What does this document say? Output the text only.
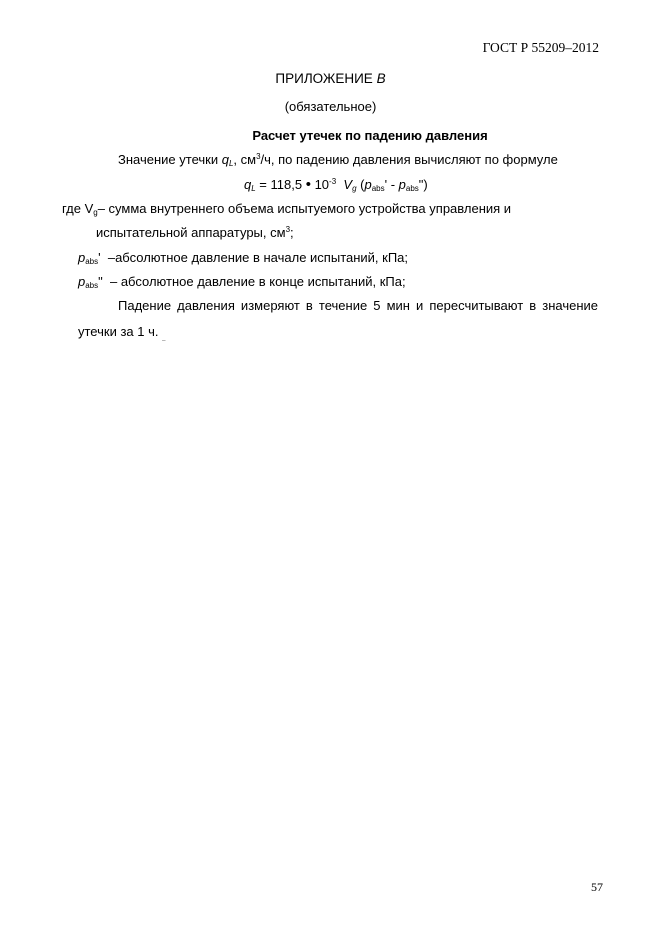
ГОСТ Р 55209–2012
ПРИЛОЖЕНИЕ В
(обязательное)
Расчет утечек по падению давления
Значение утечки $q_L$, $см^3/ч$, по падению давления вычисляют по формуле
$q_L = 118,5$ • $10^{-3}$ $V_g$ ($p_{abs}'$ - $p_{abs}$")
где $V_g-$ сумма внутреннего объема испытуемого устройства управления и
испытательной аппаратуры, $см^3$;
$p_{abs}'$  –абсолютное давление в начале испытаний, кПа;
$p_{abs}$"  – абсолютное давление в конце испытаний, кПа;
Падение давления измеряют в течение 5 мин и пересчитывают в значение
утечки за 1 ч. $_{\_}$
57
